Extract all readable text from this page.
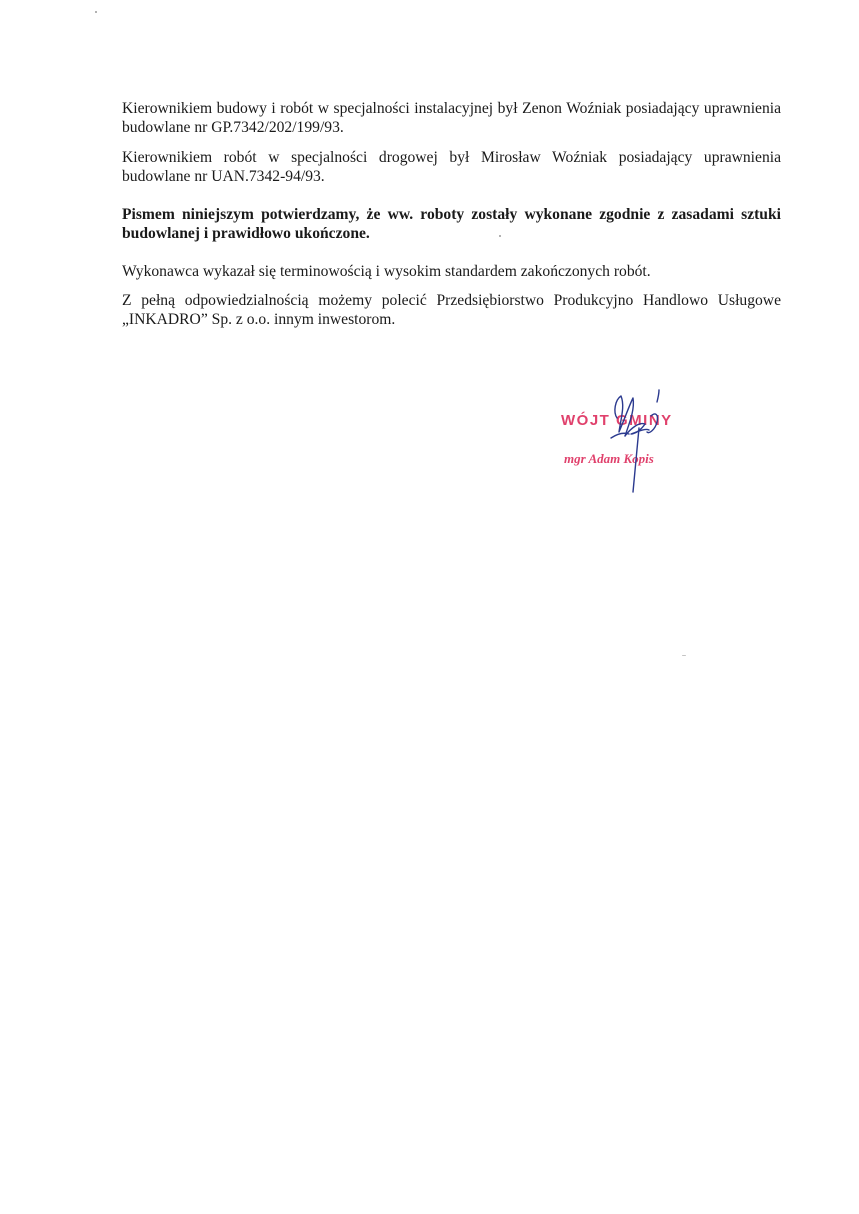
Kierownikiem budowy i robót w specjalności instalacyjnej był Zenon Woźniak posiadający uprawnienia budowlane nr GP.7342/202/199/93.

Kierownikiem robót w specjalności drogowej był Mirosław Woźniak posiadający uprawnienia budowlane nr UAN.7342-94/93.

Pismem niniejszym potwierdzamy, że ww. roboty zostały wykonane zgodnie z zasadami sztuki budowlanej i prawidłowo ukończone.

Wykonawca wykazał się terminowością i wysokim standardem zakończonych robót.

Z pełną odpowiedzialnością możemy polecić Przedsiębiorstwo Produkcyjno Handlowo Usługowe „INKADRO” Sp. z o.o. innym inwestorom.

WÓJT GMINY
mgr Adam Kopis
